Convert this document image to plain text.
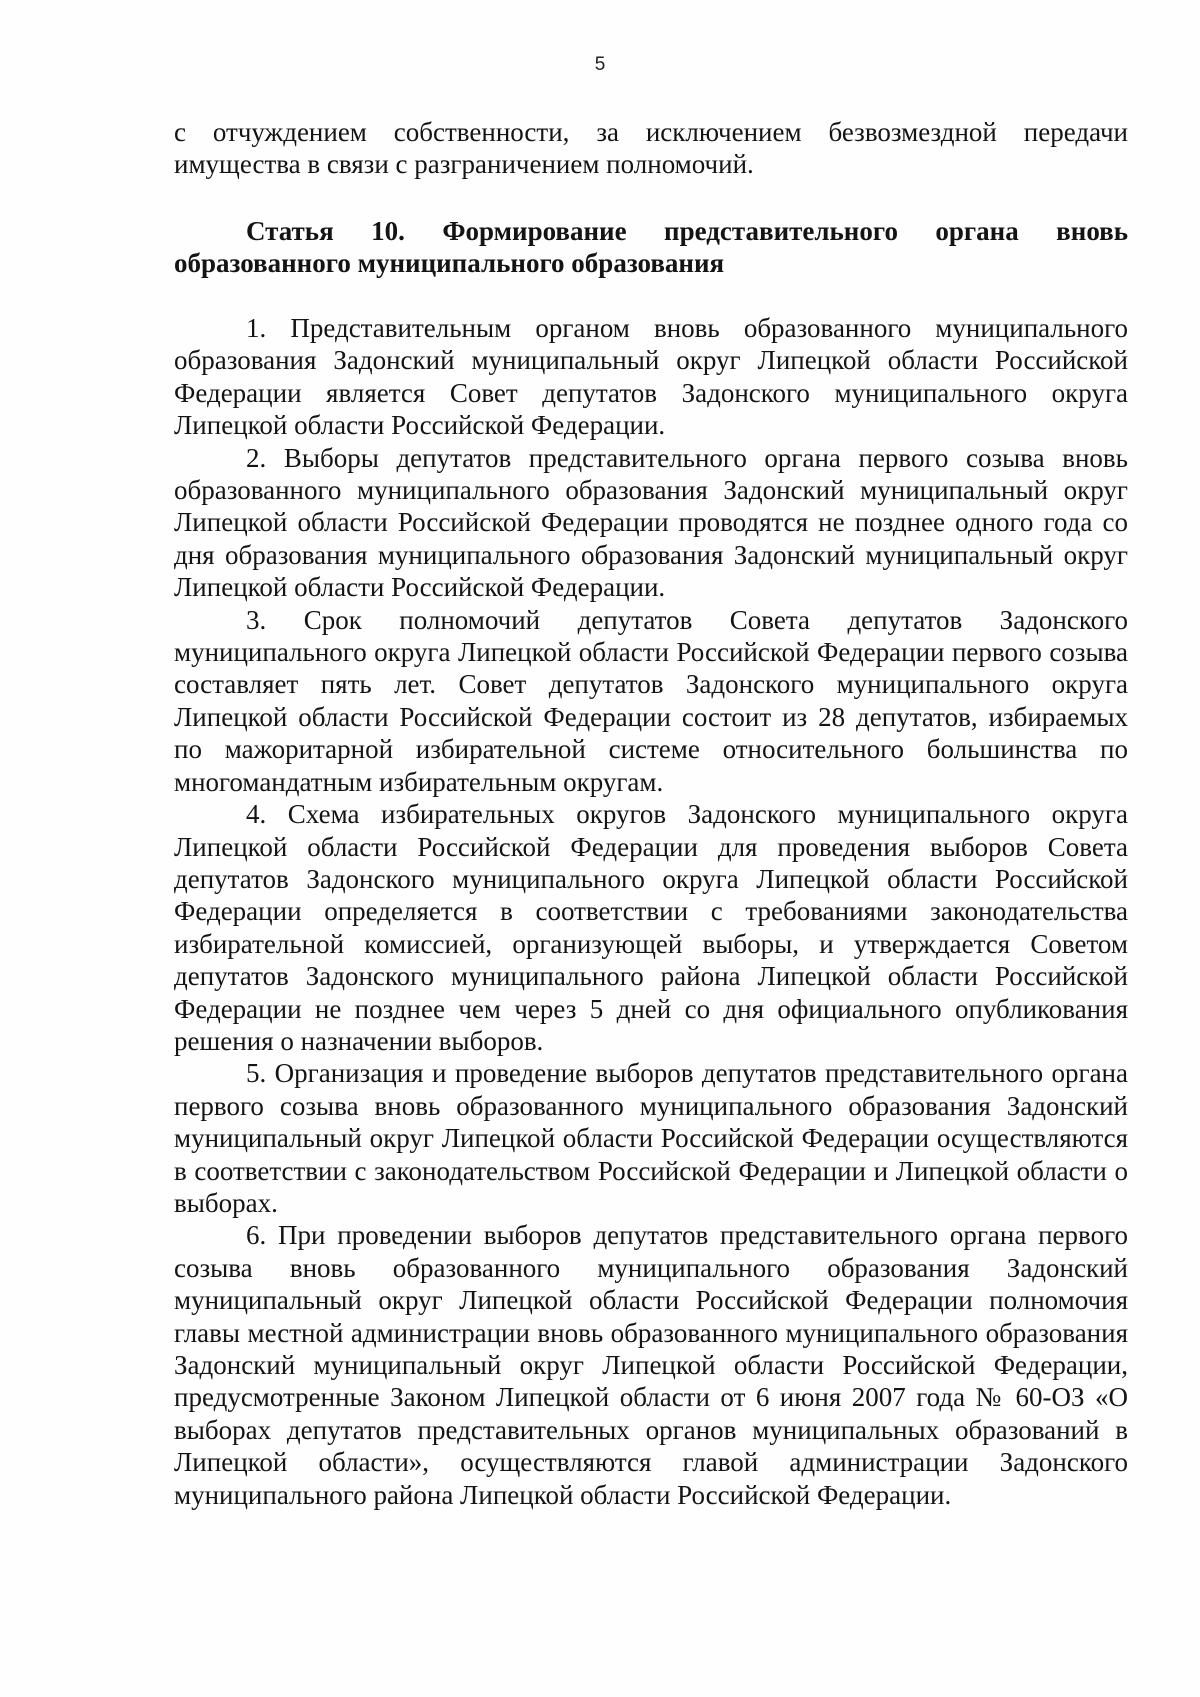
5

с отчуждением собственности, за исключением безвозмездной передачи имущества в связи с разграничением полномочий.

Статья 10. Формирование представительного органа вновь образованного муниципального образования

1. Представительным органом вновь образованного муниципального образования Задонский муниципальный округ Липецкой области Российской Федерации является Совет депутатов Задонского муниципального округа Липецкой области Российской Федерации.

2. Выборы депутатов представительного органа первого созыва вновь образованного муниципального образования Задонский муниципальный округ Липецкой области Российской Федерации проводятся не позднее одного года со дня образования муниципального образования Задонский муниципальный округ Липецкой области Российской Федерации.

3. Срок полномочий депутатов Совета депутатов Задонского муниципального округа Липецкой области Российской Федерации первого созыва составляет пять лет. Совет депутатов Задонского муниципального округа Липецкой области Российской Федерации состоит из 28 депутатов, избираемых по мажоритарной избирательной системе относительного большинства по многомандатным избирательным округам.

4. Схема избирательных округов Задонского муниципального округа Липецкой области Российской Федерации для проведения выборов Совета депутатов Задонского муниципального округа Липецкой области Российской Федерации определяется в соответствии с требованиями законодательства избирательной комиссией, организующей выборы, и утверждается Советом депутатов Задонского муниципального района Липецкой области Российской Федерации не позднее чем через 5 дней со дня официального опубликования решения о назначении выборов.

5. Организация и проведение выборов депутатов представительного органа первого созыва вновь образованного муниципального образования Задонский муниципальный округ Липецкой области Российской Федерации осуществляются в соответствии с законодательством Российской Федерации и Липецкой области о выборах.

6. При проведении выборов депутатов представительного органа первого созыва вновь образованного муниципального образования Задонский муниципальный округ Липецкой области Российской Федерации полномочия главы местной администрации вновь образованного муниципального образования Задонский муниципальный округ Липецкой области Российской Федерации, предусмотренные Законом Липецкой области от 6 июня 2007 года № 60-ОЗ «О выборах депутатов представительных органов муниципальных образований в Липецкой области», осуществляются главой администрации Задонского муниципального района Липецкой области Российской Федерации.
